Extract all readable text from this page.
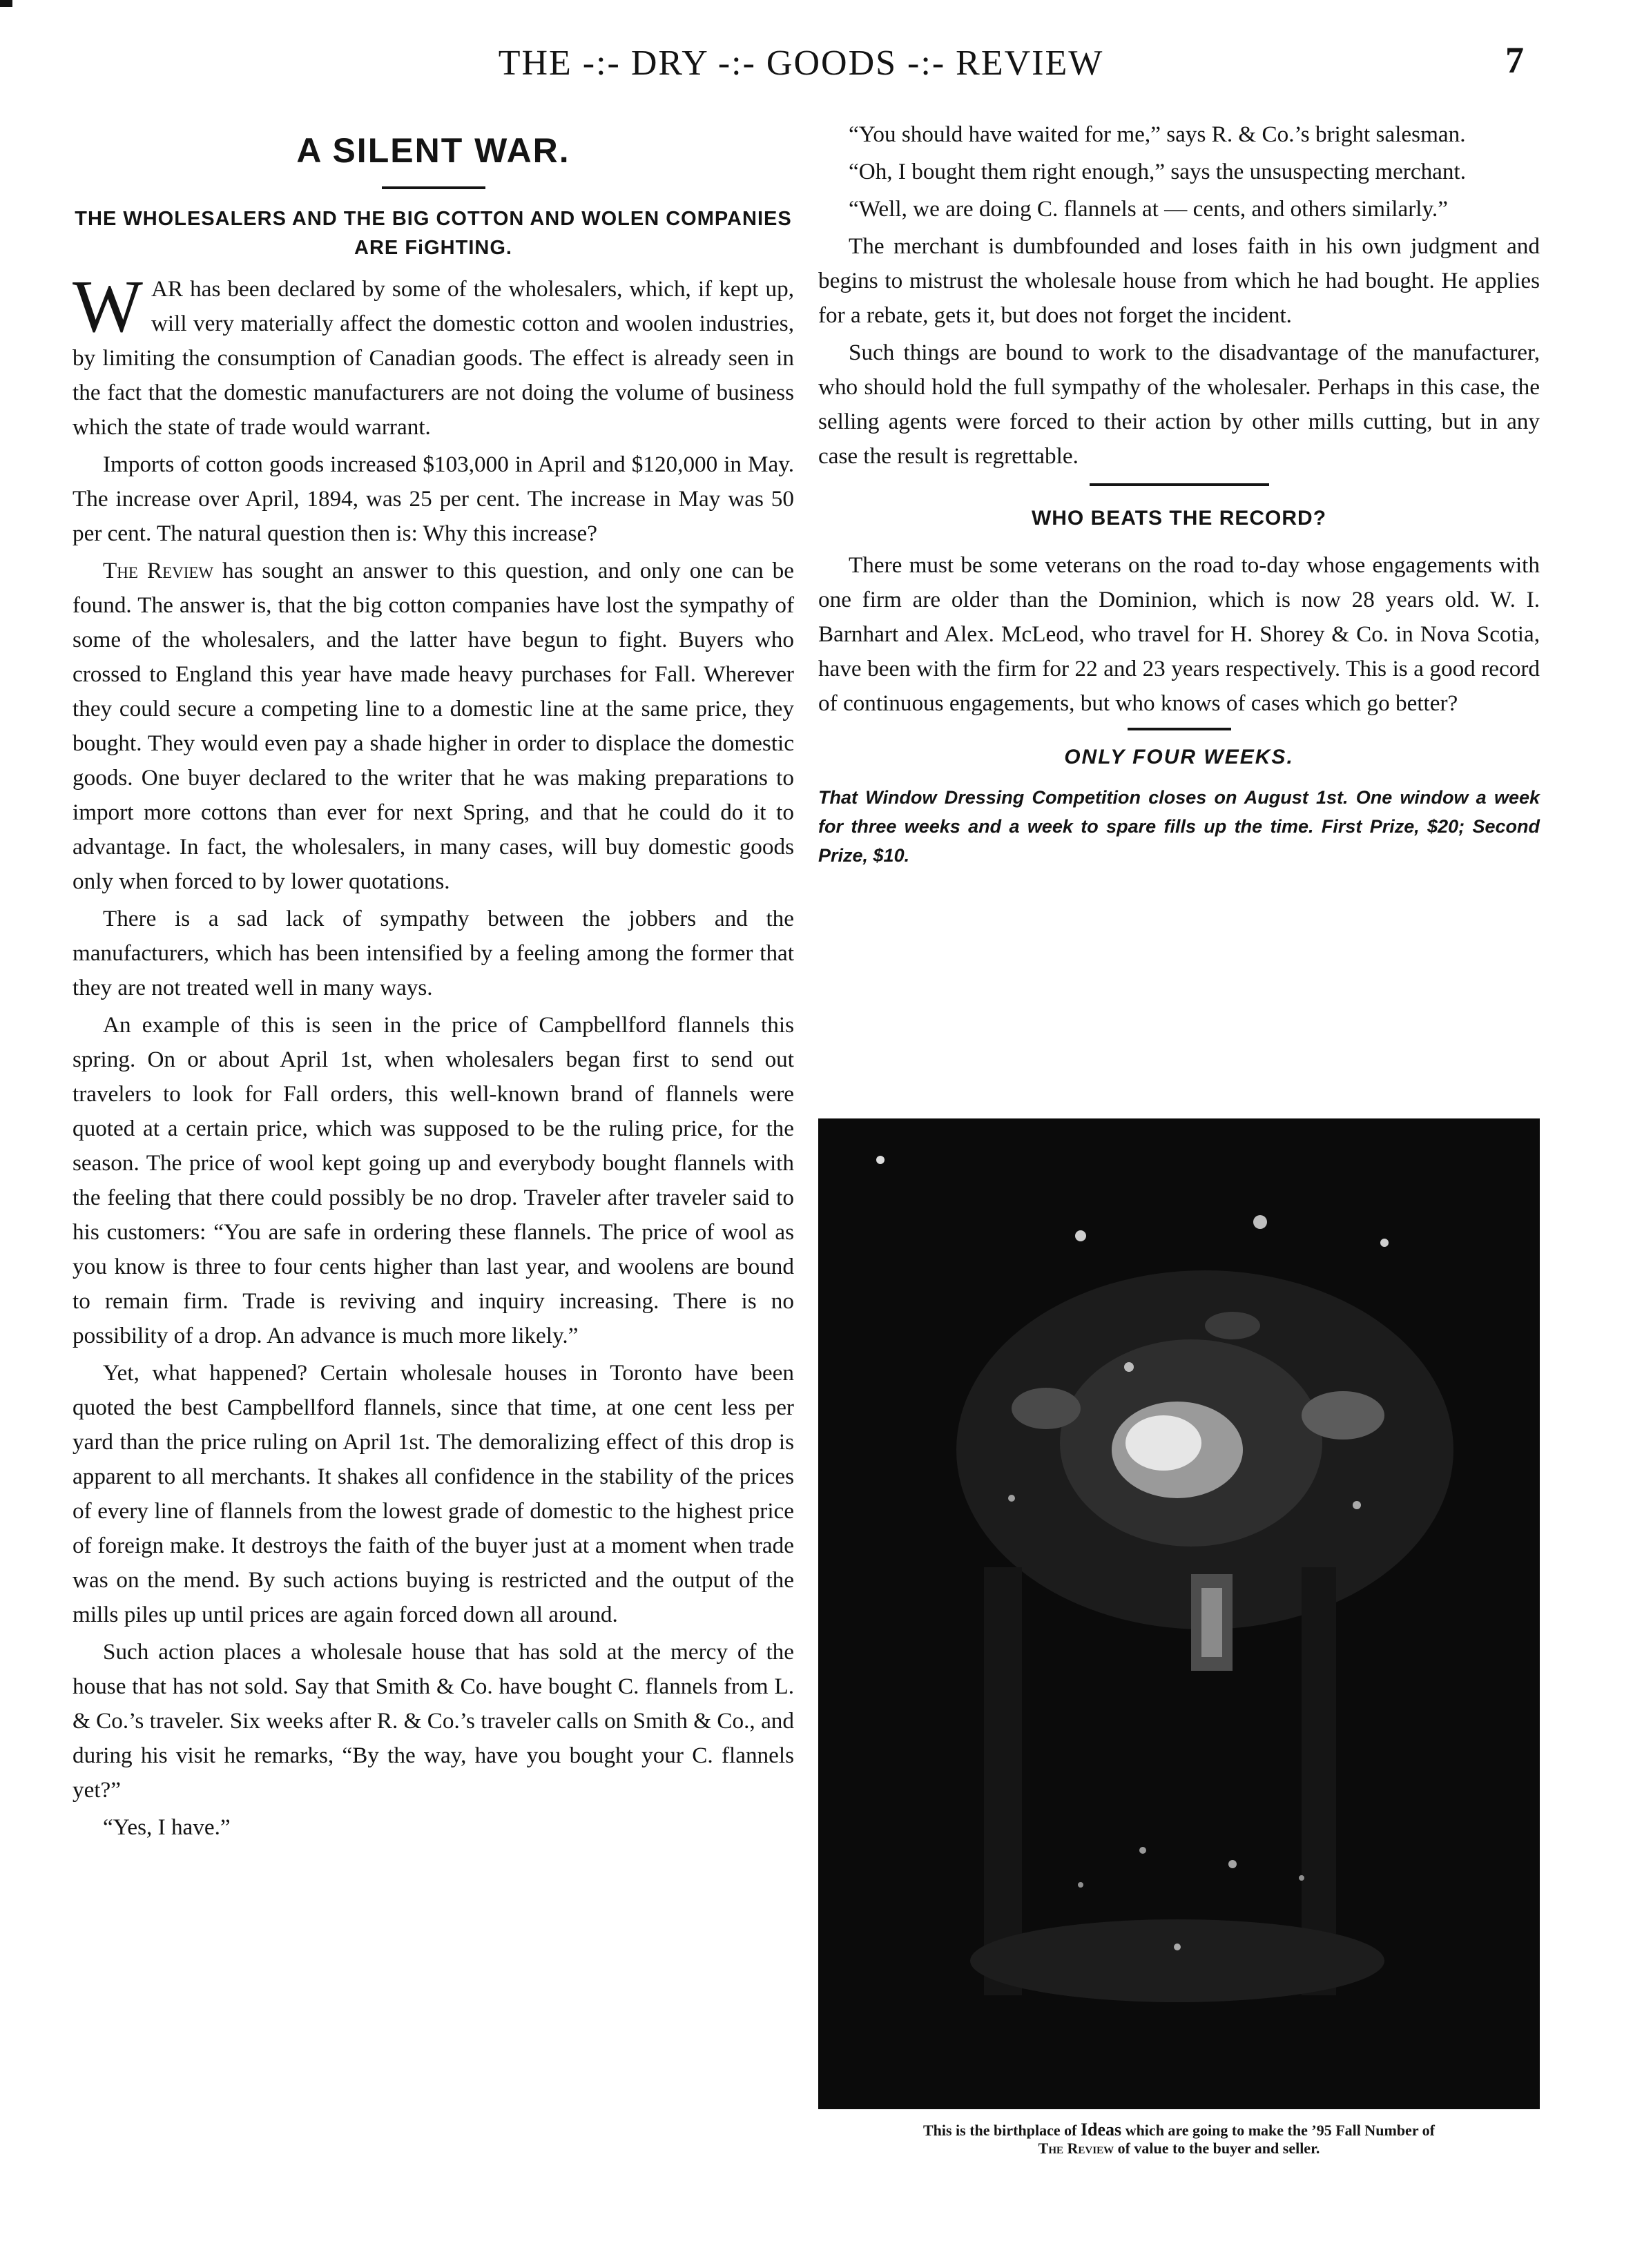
THE -:- DRY -:- GOODS -:- REVIEW	7
A SILENT WAR.
THE WHOLESALERS AND THE BIG COTTON AND WOLEN COMPANIES ARE FiGHTING.

WAR has been declared by some of the wholesalers, which, if kept up, will very materially affect the domestic cotton and woolen industries, by limiting the consumption of Canadian goods. The effect is already seen in the fact that the domestic manufacturers are not doing the volume of business which the state of trade would warrant.

Imports of cotton goods increased $103,000 in April and $120,000 in May. The increase over April, 1894, was 25 per cent. The increase in May was 50 per cent. The natural question then is: Why this increase?

The Review has sought an answer to this question, and only one can be found. The answer is, that the big cotton companies have lost the sympathy of some of the wholesalers, and the latter have begun to fight. Buyers who crossed to England this year have made heavy purchases for Fall. Wherever they could secure a competing line to a domestic line at the same price, they bought. They would even pay a shade higher in order to displace the domestic goods. One buyer declared to the writer that he was making preparations to import more cottons than ever for next Spring, and that he could do it to advantage. In fact, the wholesalers, in many cases, will buy domestic goods only when forced to by lower quotations.

There is a sad lack of sympathy between the jobbers and the manufacturers, which has been intensified by a feeling among the former that they are not treated well in many ways.

An example of this is seen in the price of Campbellford flannels this spring. On or about April 1st, when wholesalers began first to send out travelers to look for Fall orders, this well-known brand of flannels were quoted at a certain price, which was supposed to be the ruling price, for the season. The price of wool kept going up and everybody bought flannels with the feeling that there could possibly be no drop. Traveler after traveler said to his customers: “You are safe in ordering these flannels. The price of wool as you know is three to four cents higher than last year, and woolens are bound to remain firm. Trade is reviving and inquiry increasing. There is no possibility of a drop. An advance is much more likely.”

Yet, what happened? Certain wholesale houses in Toronto have been quoted the best Campbellford flannels, since that time, at one cent less per yard than the price ruling on April 1st. The demoralizing effect of this drop is apparent to all merchants. It shakes all confidence in the stability of the prices of every line of flannels from the lowest grade of domestic to the highest price of foreign make. It destroys the faith of the buyer just at a moment when trade was on the mend. By such actions buying is restricted and the output of the mills piles up until prices are again forced down all around.

Such action places a wholesale house that has sold at the mercy of the house that has not sold. Say that Smith & Co. have bought C. flannels from L. & Co.’s traveler. Six weeks after R. & Co.’s traveler calls on Smith & Co., and during his visit he remarks, “By the way, have you bought your C. flannels yet?”

“Yes, I have.”

“You should have waited for me,” says R. & Co.’s bright salesman.

“Oh, I bought them right enough,” says the unsuspecting merchant.

“Well, we are doing C. flannels at — cents, and others similarly.”

The merchant is dumbfounded and loses faith in his own judgment and begins to mistrust the wholesale house from which he had bought. He applies for a rebate, gets it, but does not forget the incident.

Such things are bound to work to the disadvantage of the manufacturer, who should hold the full sympathy of the wholesaler. Perhaps in this case, the selling agents were forced to their action by other mills cutting, but in any case the result is regrettable.

WHO BEATS THE RECORD?

There must be some veterans on the road to-day whose engagements with one firm are older than the Dominion, which is now 28 years old. W. I. Barnhart and Alex. McLeod, who travel for H. Shorey & Co. in Nova Scotia, have been with the firm for 22 and 23 years respectively. This is a good record of continuous engagements, but who knows of cases which go better?

ONLY FOUR WEEKS.

That Window Dressing Competition closes on August 1st. One window a week for three weeks and a week to spare fills up the time. First Prize, $20; Second Prize, $10.

This is the birthplace of Ideas which are going to make the ’95 Fall Number of
The Review of value to the buyer and seller.
